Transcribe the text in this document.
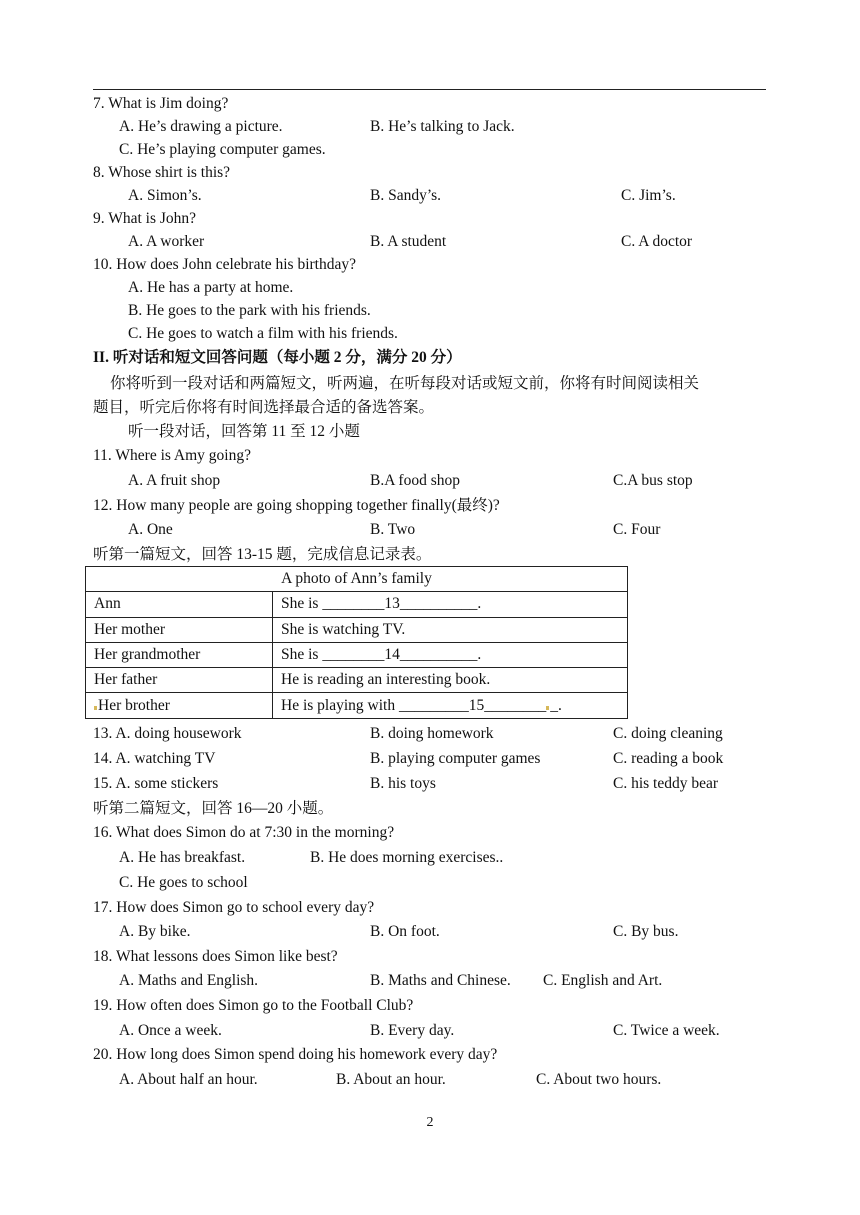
7. What is Jim doing?
A. He’s drawing a picture.	B. He’s talking to Jack.
C. He’s playing computer games.
8. Whose shirt is this?
A. Simon’s.	B. Sandy’s.	C. Jim’s.
9. What is John?
A. A worker	B. A student	C. A doctor
10. How does John celebrate his birthday?
A. He has a party at home.
B. He goes to the park with his friends.
C. He goes to watch a film with his friends.
II. 听对话和短文回答问题（每小题 2 分，满分 20 分）
你将听到一段对话和两篇短文，听两遍，在听每段对话或短文前，你将有时间阅读相关
题目，听完后你将有时间选择最合适的备选答案。
听一段对话，回答第 11 至 12 小题
11. Where is Amy going?
A. A fruit shop	B.A food shop	C.A bus stop
12. How many people are going shopping together finally(最终)?
A. One	B. Two	C. Four
听第一篇短文，回答 13-15 题，完成信息记录表。
A photo of Ann’s family	
Ann	She is ________13__________.
Her mother	She is watching TV.
Her grandmother	She is ________14__________.
Her father	He is reading an interesting book.
Her brother	He is playing with _________15________ _.
13. A. doing housework	B. doing homework	C. doing cleaning
14. A. watching TV	B. playing computer games	C. reading a book
15. A. some stickers	B. his toys	C. his teddy bear
听第二篇短文，回答 16—20 小题。
16. What does Simon do at 7:30 in the morning?
A. He has breakfast.	B. He does morning exercises..
C. He goes to school
17. How does Simon go to school every day?
A. By bike.	B. On foot.	C. By bus.
18. What lessons does Simon like best?
A. Maths and English.	B. Maths and Chinese. C. English and Art.
19. How often does Simon go to the Football Club?
A. Once a week.	B. Every day.	C. Twice a week.
20. How long does Simon spend doing his homework every day?
A. About half an hour.	B. About an hour.	C. About two hours.
2
